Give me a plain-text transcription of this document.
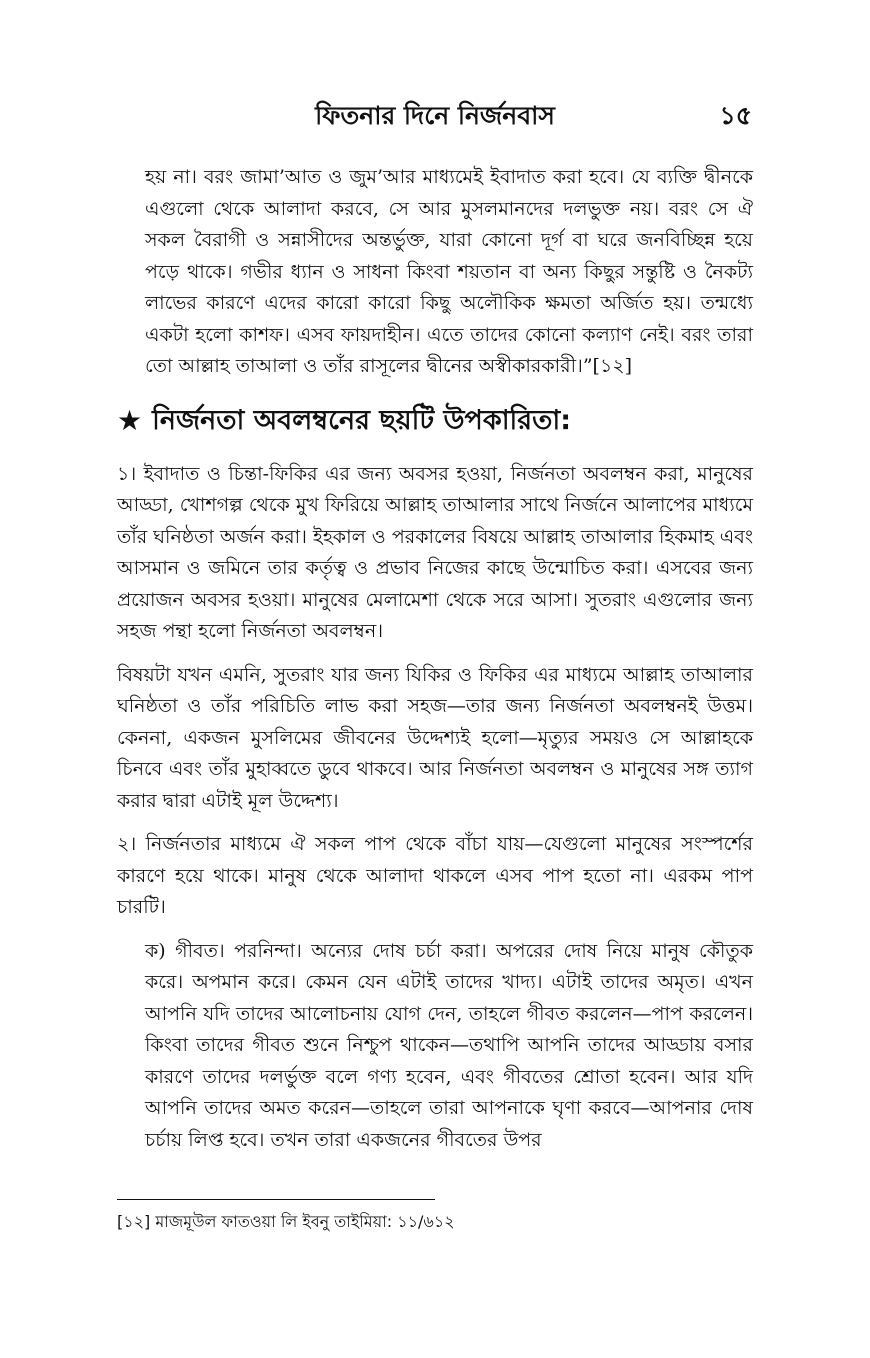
ফিতনার দিনে নির্জনবাস	১৫

হয় না। বরং জামা’আত ও জুম’আর মাধ্যমেই ইবাদাত করা হবে। যে ব্যক্তি দ্বীনকে এগুলো থেকে আলাদা করবে, সে আর মুসলমানদের দলভুক্ত নয়। বরং সে ঐ সকল বৈরাগী ও সন্নাসীদের অন্তর্ভুক্ত, যারা কোনো দূর্গ বা ঘরে জনবিচ্ছিন্ন হয়ে পড়ে থাকে। গভীর ধ্যান ও সাধনা কিংবা শয়তান বা অন্য কিছুর সন্তুষ্টি ও নৈকট্য লাভের কারণে এদের কারো কারো কিছু অলৌকিক ক্ষমতা অর্জিত হয়। তন্মধ্যে একটা হলো কাশফ। এসব ফায়দাহীন। এতে তাদের কোনো কল্যাণ নেই। বরং তারা তো আল্লাহ তাআলা ও তাঁর রাসূলের দ্বীনের অস্বীকারকারী।”[১২]

★ নির্জনতা অবলম্বনের ছয়টি উপকারিতা:

১। ইবাদাত ও চিন্তা-ফিকির এর জন্য অবসর হওয়া, নির্জনতা অবলম্বন করা, মানুষের আড্ডা, খোশগল্প থেকে মুখ ফিরিয়ে আল্লাহ তাআলার সাথে নির্জনে আলাপের মাধ্যমে তাঁর ঘনিষ্ঠতা অর্জন করা। ইহকাল ও পরকালের বিষয়ে আল্লাহ তাআলার হিকমাহ এবং আসমান ও জমিনে তার কর্তৃত্ব ও প্রভাব নিজের কাছে উন্মোচিত করা। এসবের জন্য প্রয়োজন অবসর হওয়া। মানুষের মেলামেশা থেকে সরে আসা। সুতরাং এগুলোর জন্য সহজ পন্থা হলো নির্জনতা অবলম্বন।

বিষয়টা যখন এমনি, সুতরাং যার জন্য যিকির ও ফিকির এর মাধ্যমে আল্লাহ তাআলার ঘনিষ্ঠতা ও তাঁর পরিচিতি লাভ করা সহজ—তার জন্য নির্জনতা অবলম্বনই উত্তম। কেননা, একজন মুসলিমের জীবনের উদ্দেশ্যই হলো—মৃত্যুর সময়ও সে আল্লাহকে চিনবে এবং তাঁর মুহাব্বতে ডুবে থাকবে। আর নির্জনতা অবলম্বন ও মানুষের সঙ্গ ত্যাগ করার দ্বারা এটাই মূল উদ্দেশ্য।

২। নির্জনতার মাধ্যমে ঐ সকল পাপ থেকে বাঁচা যায়—যেগুলো মানুষের সংস্পর্শের কারণে হয়ে থাকে। মানুষ থেকে আলাদা থাকলে এসব পাপ হতো না। এরকম পাপ চারটি।

ক) গীবত। পরনিন্দা। অন্যের দোষ চর্চা করা। অপরের দোষ নিয়ে মানুষ কৌতুক করে। অপমান করে। কেমন যেন এটাই তাদের খাদ্য। এটাই তাদের অমৃত। এখন আপনি যদি তাদের আলোচনায় যোগ দেন, তাহলে গীবত করলেন—পাপ করলেন। কিংবা তাদের গীবত শুনে নিশ্চুপ থাকেন—তথাপি আপনি তাদের আড্ডায় বসার কারণে তাদের দলর্ভুক্ত বলে গণ্য হবেন, এবং গীবতের শ্রোতা হবেন। আর যদি আপনি তাদের অমত করেন—তাহলে তারা আপনাকে ঘৃণা করবে—আপনার দোষ চর্চায় লিপ্ত হবে। তখন তারা একজনের গীবতের উপর

[১২] মাজমূউল ফাতওয়া লি ইবনু তাইমিয়া: ১১/৬১২
